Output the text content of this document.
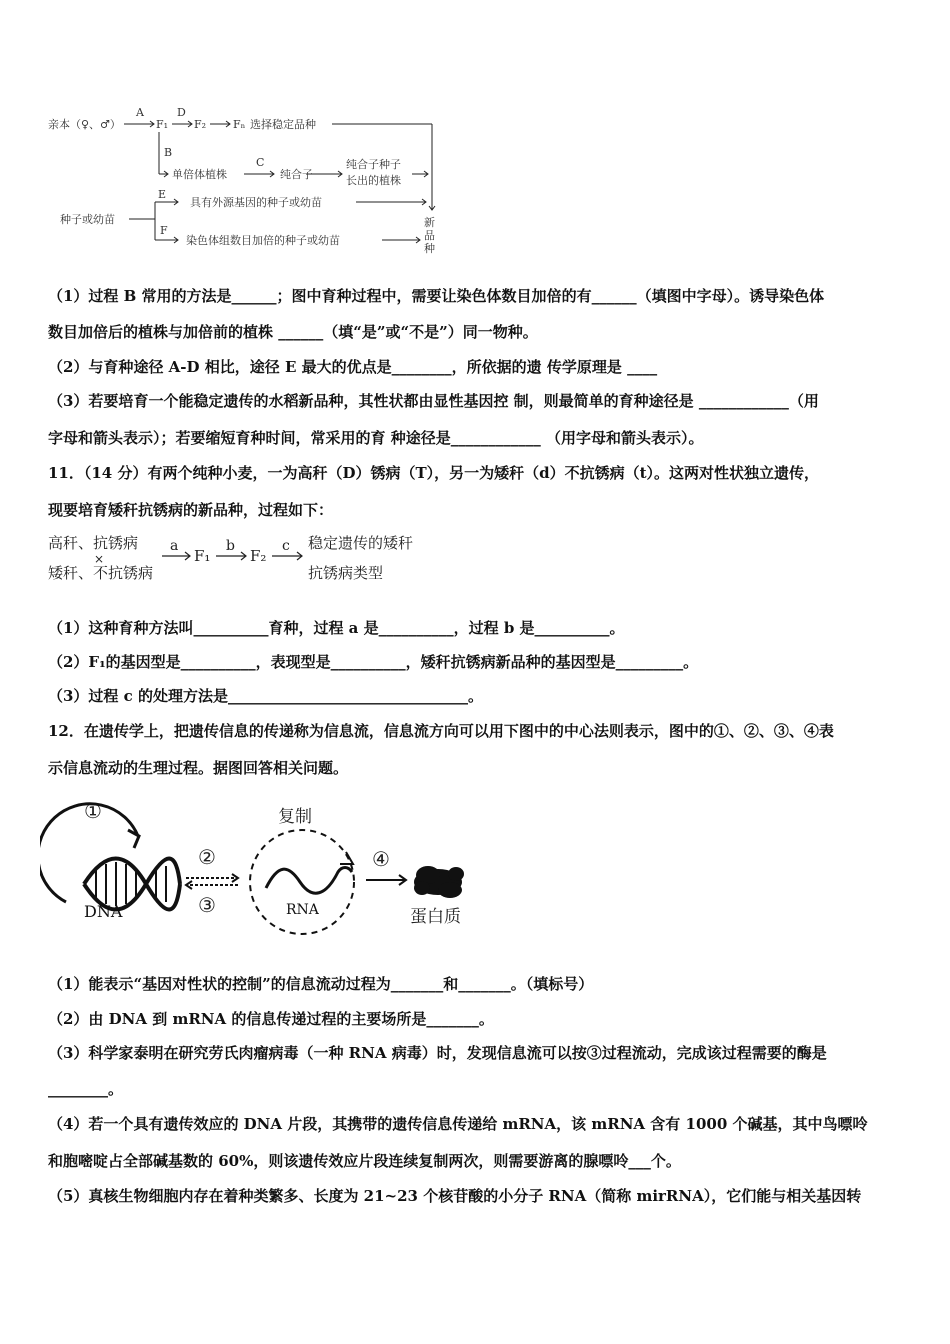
亲本（♀、♂）
A
F₁
D
F₂ Fₙ 选择稳定品种
B
单倍体植株
C
纯合子
纯合子种子
长出的植株
E
具有外源基因的种子或幼苗
种子或幼苗
F
染色体组数目加倍的种子或幼苗
新
品
种
（1）过程 B 常用的方法是______；图中育种过程中，需要让染色体数目加倍的有______（填图中字母）。诱导染色体
数目加倍后的植株与加倍前的植株 ______（填“是”或“不是”）同一物种。
（2）与育种途径 A-D 相比，途径 E 最大的优点是________，所依据的遗 传学原理是 ____
（3）若要培育一个能稳定遗传的水稻新品种，其性状都由显性基因控 制，则最简单的育种途径是 ____________（用
字母和箭头表示）；若要缩短育种时间，常采用的育 种途径是____________ （用字母和箭头表示）。
11．（14 分）有两个纯种小麦，一为高秆（D）锈病（T），另一为矮秆（d）不抗锈病（t）。这两对性状独立遗传，
现要培育矮秆抗锈病的新品种，过程如下：
高秆、抗锈病
×
矮秆、不抗锈病
a
F₁
b
F₂
c 稳定遗传的矮秆
抗锈病类型
（1）这种育种方法叫__________育种，过程 a 是__________，过程 b 是__________。
（2）F₁的基因型是__________，表现型是__________，矮秆抗锈病新品种的基因型是_________。
（3）过程 c 的处理方法是________________________________。
12．在遗传学上，把遗传信息的传递称为信息流，信息流方向可以用下图中的中心法则表示，图中的①、②、③、④表
示信息流动的生理过程。据图回答相关问题。
①
DNA
②
③
复制
RNA
④
蛋白质
（1）能表示“基因对性状的控制”的信息流动过程为_______和_______。（填标号）
（2）由 DNA 到 mRNA 的信息传递过程的主要场所是_______。
（3）科学家泰明在研究劳氏肉瘤病毒（一种 RNA 病毒）时，发现信息流可以按③过程流动，完成该过程需要的酶是
________。
（4）若一个具有遗传效应的 DNA 片段，其携带的遗传信息传递给 mRNA，该 mRNA 含有 1000 个碱基，其中鸟嘌呤
和胞嘧啶占全部碱基数的 60%，则该遗传效应片段连续复制两次，则需要游离的腺嘌呤___个。
（5）真核生物细胞内存在着种类繁多、长度为 21~23 个核苷酸的小分子 RNA（简称 mirRNA），它们能与相关基因转
